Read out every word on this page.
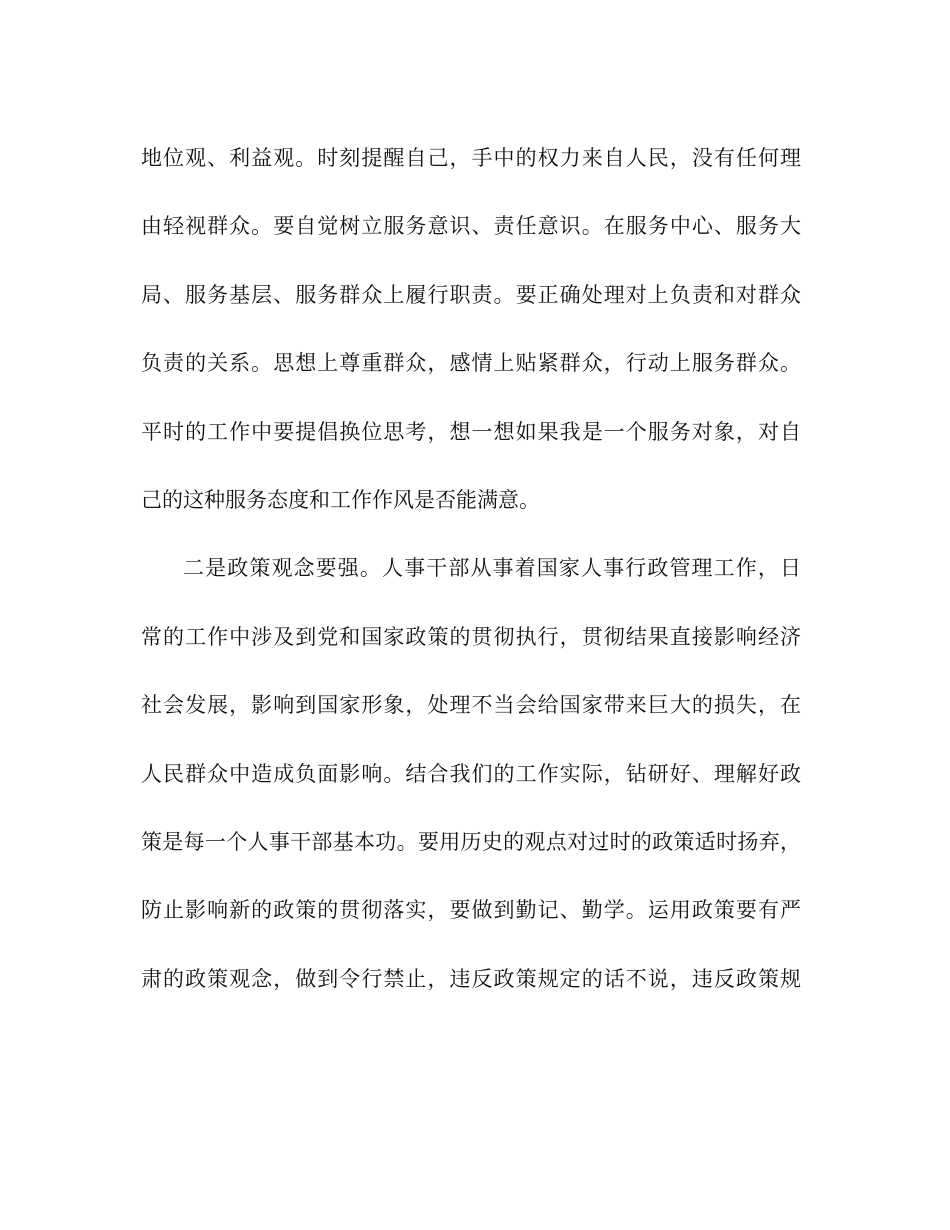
地位观、利益观。时刻提醒自己，手中的权力来自人民，没有任何理
由轻视群众。要自觉树立服务意识、责任意识。在服务中心、服务大
局、服务基层、服务群众上履行职责。要正确处理对上负责和对群众
负责的关系。思想上尊重群众，感情上贴紧群众，行动上服务群众。
平时的工作中要提倡换位思考，想一想如果我是一个服务对象，对自
己的这种服务态度和工作作风是否能满意。
二是政策观念要强。人事干部从事着国家人事行政管理工作，日
常的工作中涉及到党和国家政策的贯彻执行，贯彻结果直接影响经济
社会发展，影响到国家形象，处理不当会给国家带来巨大的损失，在
人民群众中造成负面影响。结合我们的工作实际，钻研好、理解好政
策是每一个人事干部基本功。要用历史的观点对过时的政策适时扬弃，
防止影响新的政策的贯彻落实，要做到勤记、勤学。运用政策要有严
肃的政策观念，做到令行禁止，违反政策规定的话不说，违反政策规
